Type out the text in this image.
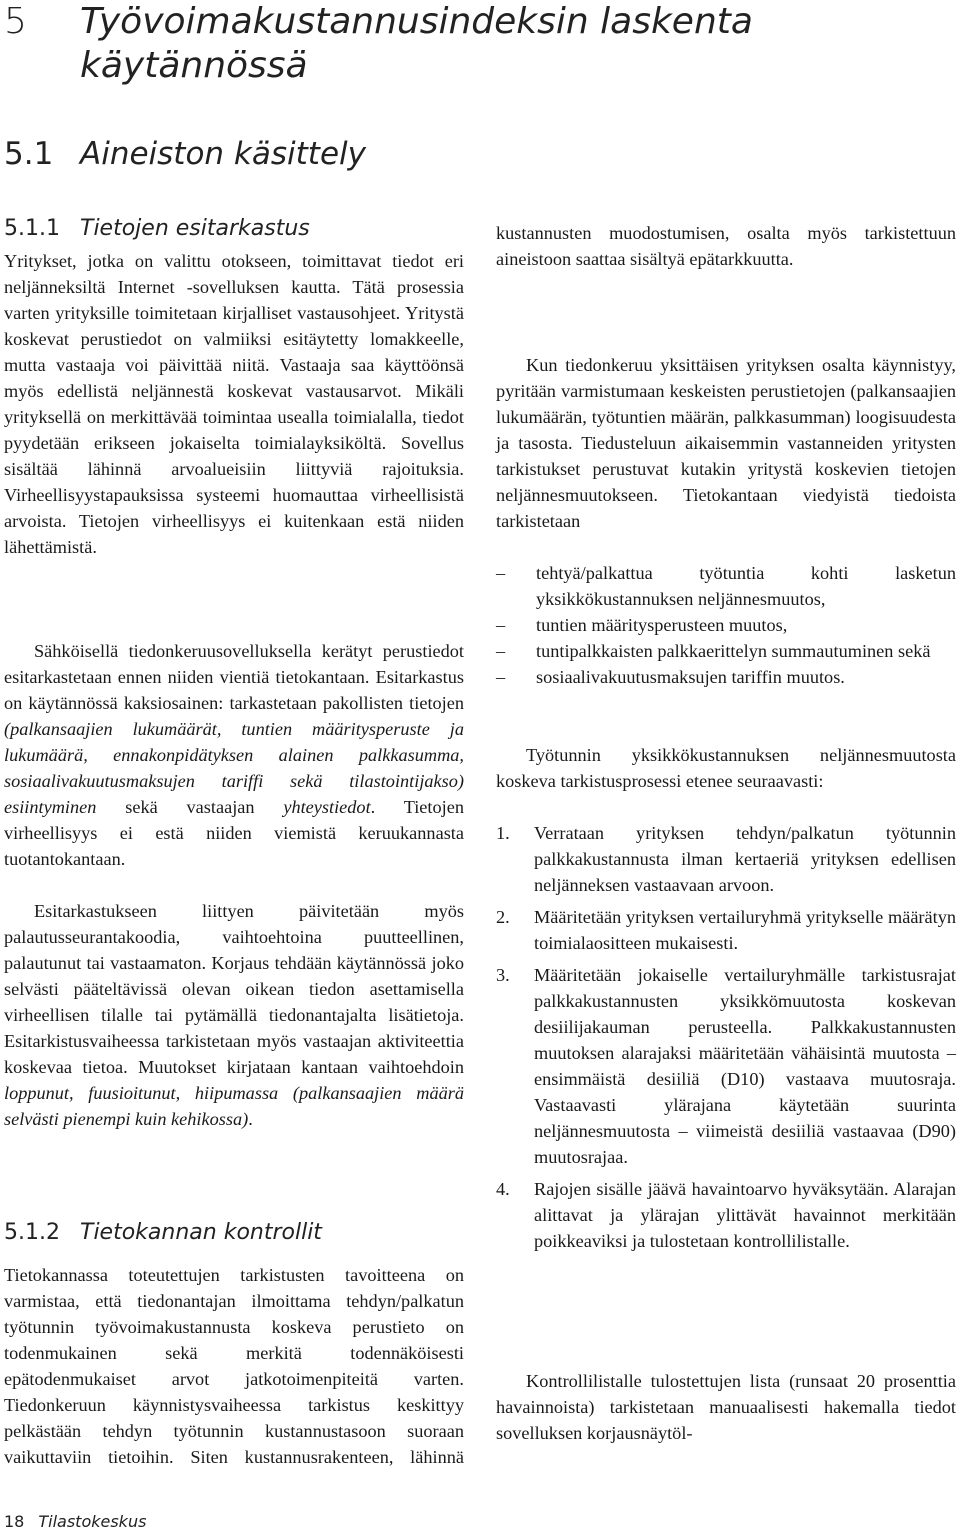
5 Työvoimakustannusindeksin laskenta
käytännössä
5.1 Aineiston käsittely
5.1.1 Tietojen esitarkastus

Yritykset, jotka on valittu otokseen, toimittavat tiedot eri neljänneksiltä Internet -sovelluksen kautta. Tätä prosessia varten yrityksille toimitetaan kirjalliset vastausohjeet. Yritystä koskevat perustiedot on valmiiksi esitäytetty lomakkeelle, mutta vastaaja voi päivittää niitä. Vastaaja saa käyttöönsä myös edellistä neljännestä koskevat vastausarvot. Mikäli yrityksellä on merkittävää toimintaa usealla toimialalla, tiedot pyydetään erikseen jokaiselta toimialayksiköltä. Sovellus sisältää lähinnä arvoalueisiin liittyviä rajoituksia. Virheellisyystapauksissa systeemi huomauttaa virheellisistä arvoista. Tietojen virheellisyys ei kuitenkaan estä niiden lähettämistä.

Sähköisellä tiedonkeruusovelluksella kerätyt perustiedot esitarkastetaan ennen niiden vientiä tietokantaan. Esitarkastus on käytännössä kaksiosainen: tarkastetaan pakollisten tietojen (palkansaajien lukumäärät, tuntien määritysperuste ja lukumäärä, ennakonpidätyksen alainen palkkasumma, sosiaalivakuutusmaksujen tariffi sekä tilastointijakso) esiintyminen sekä vastaajan yhteystiedot. Tietojen virheellisyys ei estä niiden viemistä keruukannasta tuotantokantaan.

Esitarkastukseen liittyen päivitetään myös palautusseurantakoodia, vaihtoehtoina puutteellinen, palautunut tai vastaamaton. Korjaus tehdään käytännössä joko selvästi pääteltävissä olevan oikean tiedon asettamisella virheellisen tilalle tai pytämällä tiedonantajalta lisätietoja. Esitarkistusvaiheessa tarkistetaan myös vastaajan aktiviteettia koskevaa tietoa. Muutokset kirjataan kantaan vaihtoehdoin loppunut, fuusioitunut, hiipumassa (palkansaajien määrä selvästi pienempi kuin kehikossa).

5.1.2 Tietokannan kontrollit

Tietokannassa toteutettujen tarkistusten tavoitteena on varmistaa, että tiedonantajan ilmoittama tehdyn/palkatun työtunnin työvoimakustannusta koskeva perustieto on todenmukainen sekä merkitä todennäköisesti epätodenmukaiset arvot jatkotoimenpiteitä varten. Tiedonkeruun käynnistysvaiheessa tarkistus keskittyy pelkästään tehdyn työtunnin kustannustasoon suoraan vaikuttaviin tietoihin. Siten kustannusrakenteen, lähinnä

kustannusten muodostumisen, osalta myös tarkistettuun aineistoon saattaa sisältyä epätarkkuutta.

Kun tiedonkeruu yksittäisen yrityksen osalta käynnistyy, pyritään varmistumaan keskeisten perustietojen (palkansaajien lukumäärän, työtuntien määrän, palkkasumman) loogisuudesta ja tasosta. Tiedusteluun aikaisemmin vastanneiden yritysten tarkistukset perustuvat kutakin yritystä koskevien tietojen neljännesmuutokseen. Tietokantaan viedyistä tiedoista tarkistetaan

– tehtyä/palkattua työtuntia kohti lasketun yksikkökustannuksen neljännesmuutos,
– tuntien määritysperusteen muutos,
– tuntipalkkaisten palkkaerittelyn summautuminen sekä
– sosiaalivakuutusmaksujen tariffin muutos.

Työtunnin yksikkökustannuksen neljännesmuutosta koskeva tarkistusprosessi etenee seuraavasti:

1. Verrataan yrityksen tehdyn/palkatun työtunnin palkkakustannusta ilman kertaeriä yrityksen edellisen neljänneksen vastaavaan arvoon.
2. Määritetään yrityksen vertailuryhmä yritykselle määrätyn toimialaositteen mukaisesti.
3. Määritetään jokaiselle vertailuryhmälle tarkistusrajat palkkakustannusten yksikkömuutosta koskevan desiilijakauman perusteella. Palkkakustannusten muutoksen alarajaksi määritetään vähäisintä muutosta – ensimmäistä desiiliä (D10) vastaava muutosraja. Vastaavasti ylärajana käytetään suurinta neljännesmuutosta – viimeistä desiiliä vastaavaa (D90) muutosrajaa.
4. Rajojen sisälle jäävä havaintoarvo hyväksytään. Alarajan alittavat ja ylärajan ylittävät havainnot merkitään poikkeaviksi ja tulostetaan kontrollilistalle.

Kontrollilistalle tulostettujen lista (runsaat 20 prosenttia havainnoista) tarkistetaan manuaalisesti hakemalla tiedot sovelluksen korjausnäytöl-

18 Tilastokeskus
